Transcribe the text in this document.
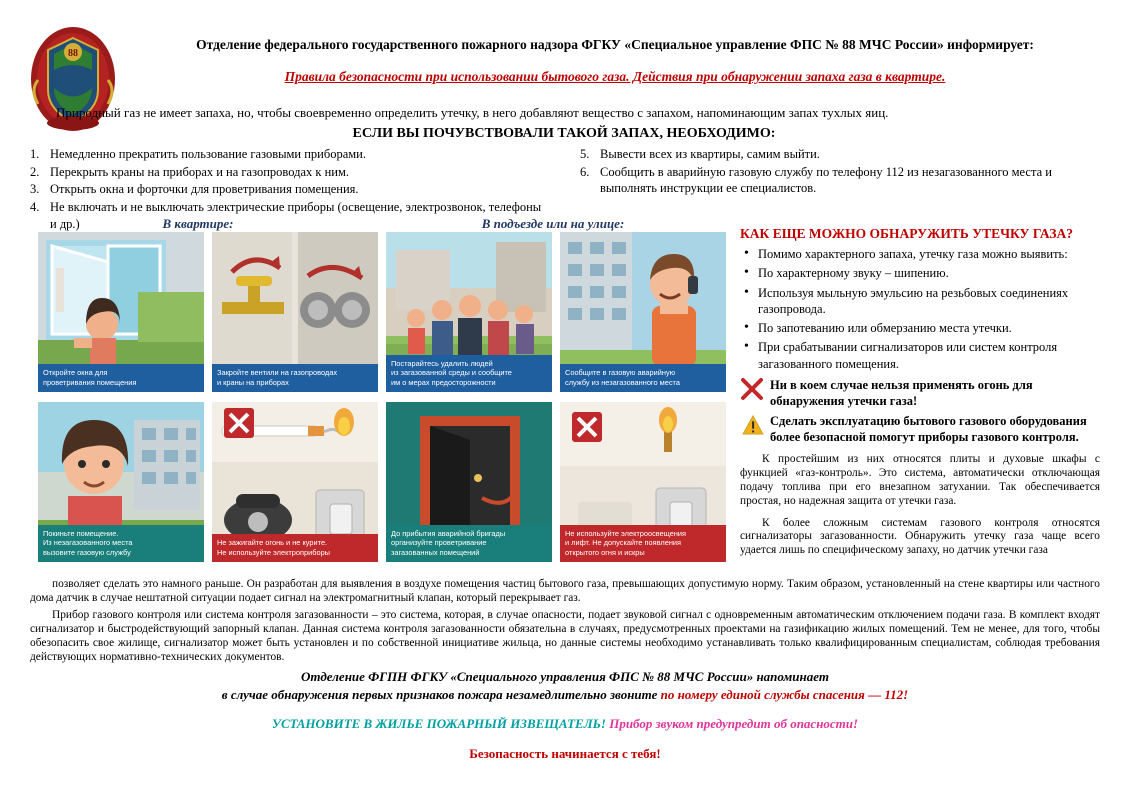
88
Отделение федерального государственного пожарного надзора ФГКУ «Специальное управление ФПС № 88 МЧС России» информирует:
Правила безопасности при использовании бытового газа. Действия при обнаружении запаха газа в квартире.
Природный газ не имеет запаха, но, чтобы своевременно определить утечку, в него добавляют вещество с запахом, напоминающим запах тухлых яиц.
ЕСЛИ ВЫ ПОЧУВСТВОВАЛИ ТАКОЙ ЗАПАХ, НЕОБХОДИМО:
1. Немедленно прекратить пользование газовыми приборами.
2. Перекрыть краны на приборах и на газопроводах к ним.
3. Открыть окна и форточки для проветривания помещения.
4. Не включать и не выключать электрические приборы (освещение, электрозвонок, телефоны и др.)
5. Вывести всех из квартиры, самим выйти.
6. Сообщить в аварийную газовую службу по телефону 112 из незагазованного места и выполнять инструкции ее специалистов.
В квартире:	В подъезде или на улице:
Откройте окна для
проветривания помещения
Закройте вентили на газопроводах
и краны на приборах
Постарайтесь удалить людей
из загазованной среды и сообщите
им о мерах предосторожности
Сообщите в газовую аварийную
службу из незагазованного места
Покиньте помещение.
Из незагазованного места
вызовите газовую службу
Не зажигайте огонь и не курите.
Не используйте электроприборы
До прибытия аварийной бригады
организуйте проветривание
загазованных помещений
Не используйте электроосвещения
и лифт. Не допускайте появления
открытого огня и искры
КАК ЕЩЕ МОЖНО ОБНАРУЖИТЬ УТЕЧКУ ГАЗА?
• Помимо характерного запаха, утечку газа можно выявить:
• По характерному звуку – шипению.
• Используя мыльную эмульсию на резьбовых соединениях газопровода.
• По запотеванию или обмерзанию места утечки.
• При срабатывании сигнализаторов или систем контроля загазованного помещения.
Ни в коем случае нельзя применять огонь для обнаружения утечки газа!
Сделать эксплуатацию бытового газового оборудования более безопасной помогут приборы газового контроля.
К простейшим из них относятся плиты и духовые шкафы с функцией «газ-контроль». Это система, автоматически отключающая подачу топлива при его внезапном затухании. Так обеспечивается простая, но надежная защита от утечки газа.
К более сложным системам газового контроля относятся сигнализаторы загазованности. Обнаружить утечку газа чаще всего удается лишь по специфическому запаху, но датчик утечки газа

позволяет сделать это намного раньше. Он разработан для выявления в воздухе помещения частиц бытового газа, превышающих допустимую норму. Таким образом, установленный на стене квартиры или частного дома датчик в случае нештатной ситуации подает сигнал на электромагнитный клапан, который перекрывает газ.

Прибор газового контроля или система контроля загазованности – это система, которая, в случае опасности, подает звуковой сигнал с одновременным автоматическим отключением подачи газа. В комплект входят сигнализатор и быстродействующий запорный клапан. Данная система контроля загазованности обязательна в случаях, предусмотренных проектами на газификацию жилых помещений. Тем не менее, для того, чтобы обезопасить свое жилище, сигнализатор может быть установлен и по собственной инициативе жильца, но данные системы необходимо устанавливать только квалифицированным специалистам, соблюдая требования действующих нормативно-технических документов.

Отделение ФГПН ФГКУ «Специального управления ФПС № 88 МЧС России» напоминает
в случае обнаружения первых признаков пожара незамедлительно звоните по номеру единой службы спасения — 112!
УСТАНОВИТЕ В ЖИЛЬЕ ПОЖАРНЫЙ ИЗВЕЩАТЕЛЬ! Прибор звуком предупредит об опасности!
Безопасность начинается с тебя!
